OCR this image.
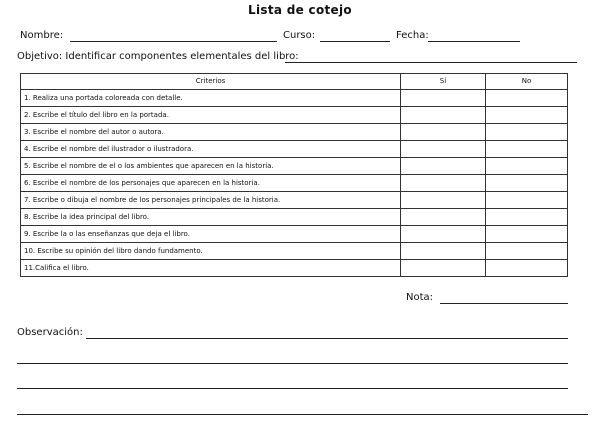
Lista de cotejo
Nombre:	Curso:	Fecha:
Objetivo: Identificar componentes elementales del libro:
Criterios	Sí	No
1. Realiza una portada coloreada con detalle.		
2. Escribe el título del libro en la portada.		
3. Escribe el nombre del autor o autora.		
4. Escribe el nombre del ilustrador o ilustradora.		
5. Escribe el nombre de el o los ambientes que aparecen en la historia.		
6. Escribe el nombre de los personajes que aparecen en la historia.		
7. Escribe o dibuja el nombre de los personajes principales de la historia.		
8. Escribe la idea principal del libro.		
9. Escribe la o las enseñanzas que deja el libro.		
10. Escribe su opinión del libro dando fundamento.		
11.Califica el libro.		
Nota:
Observación:
